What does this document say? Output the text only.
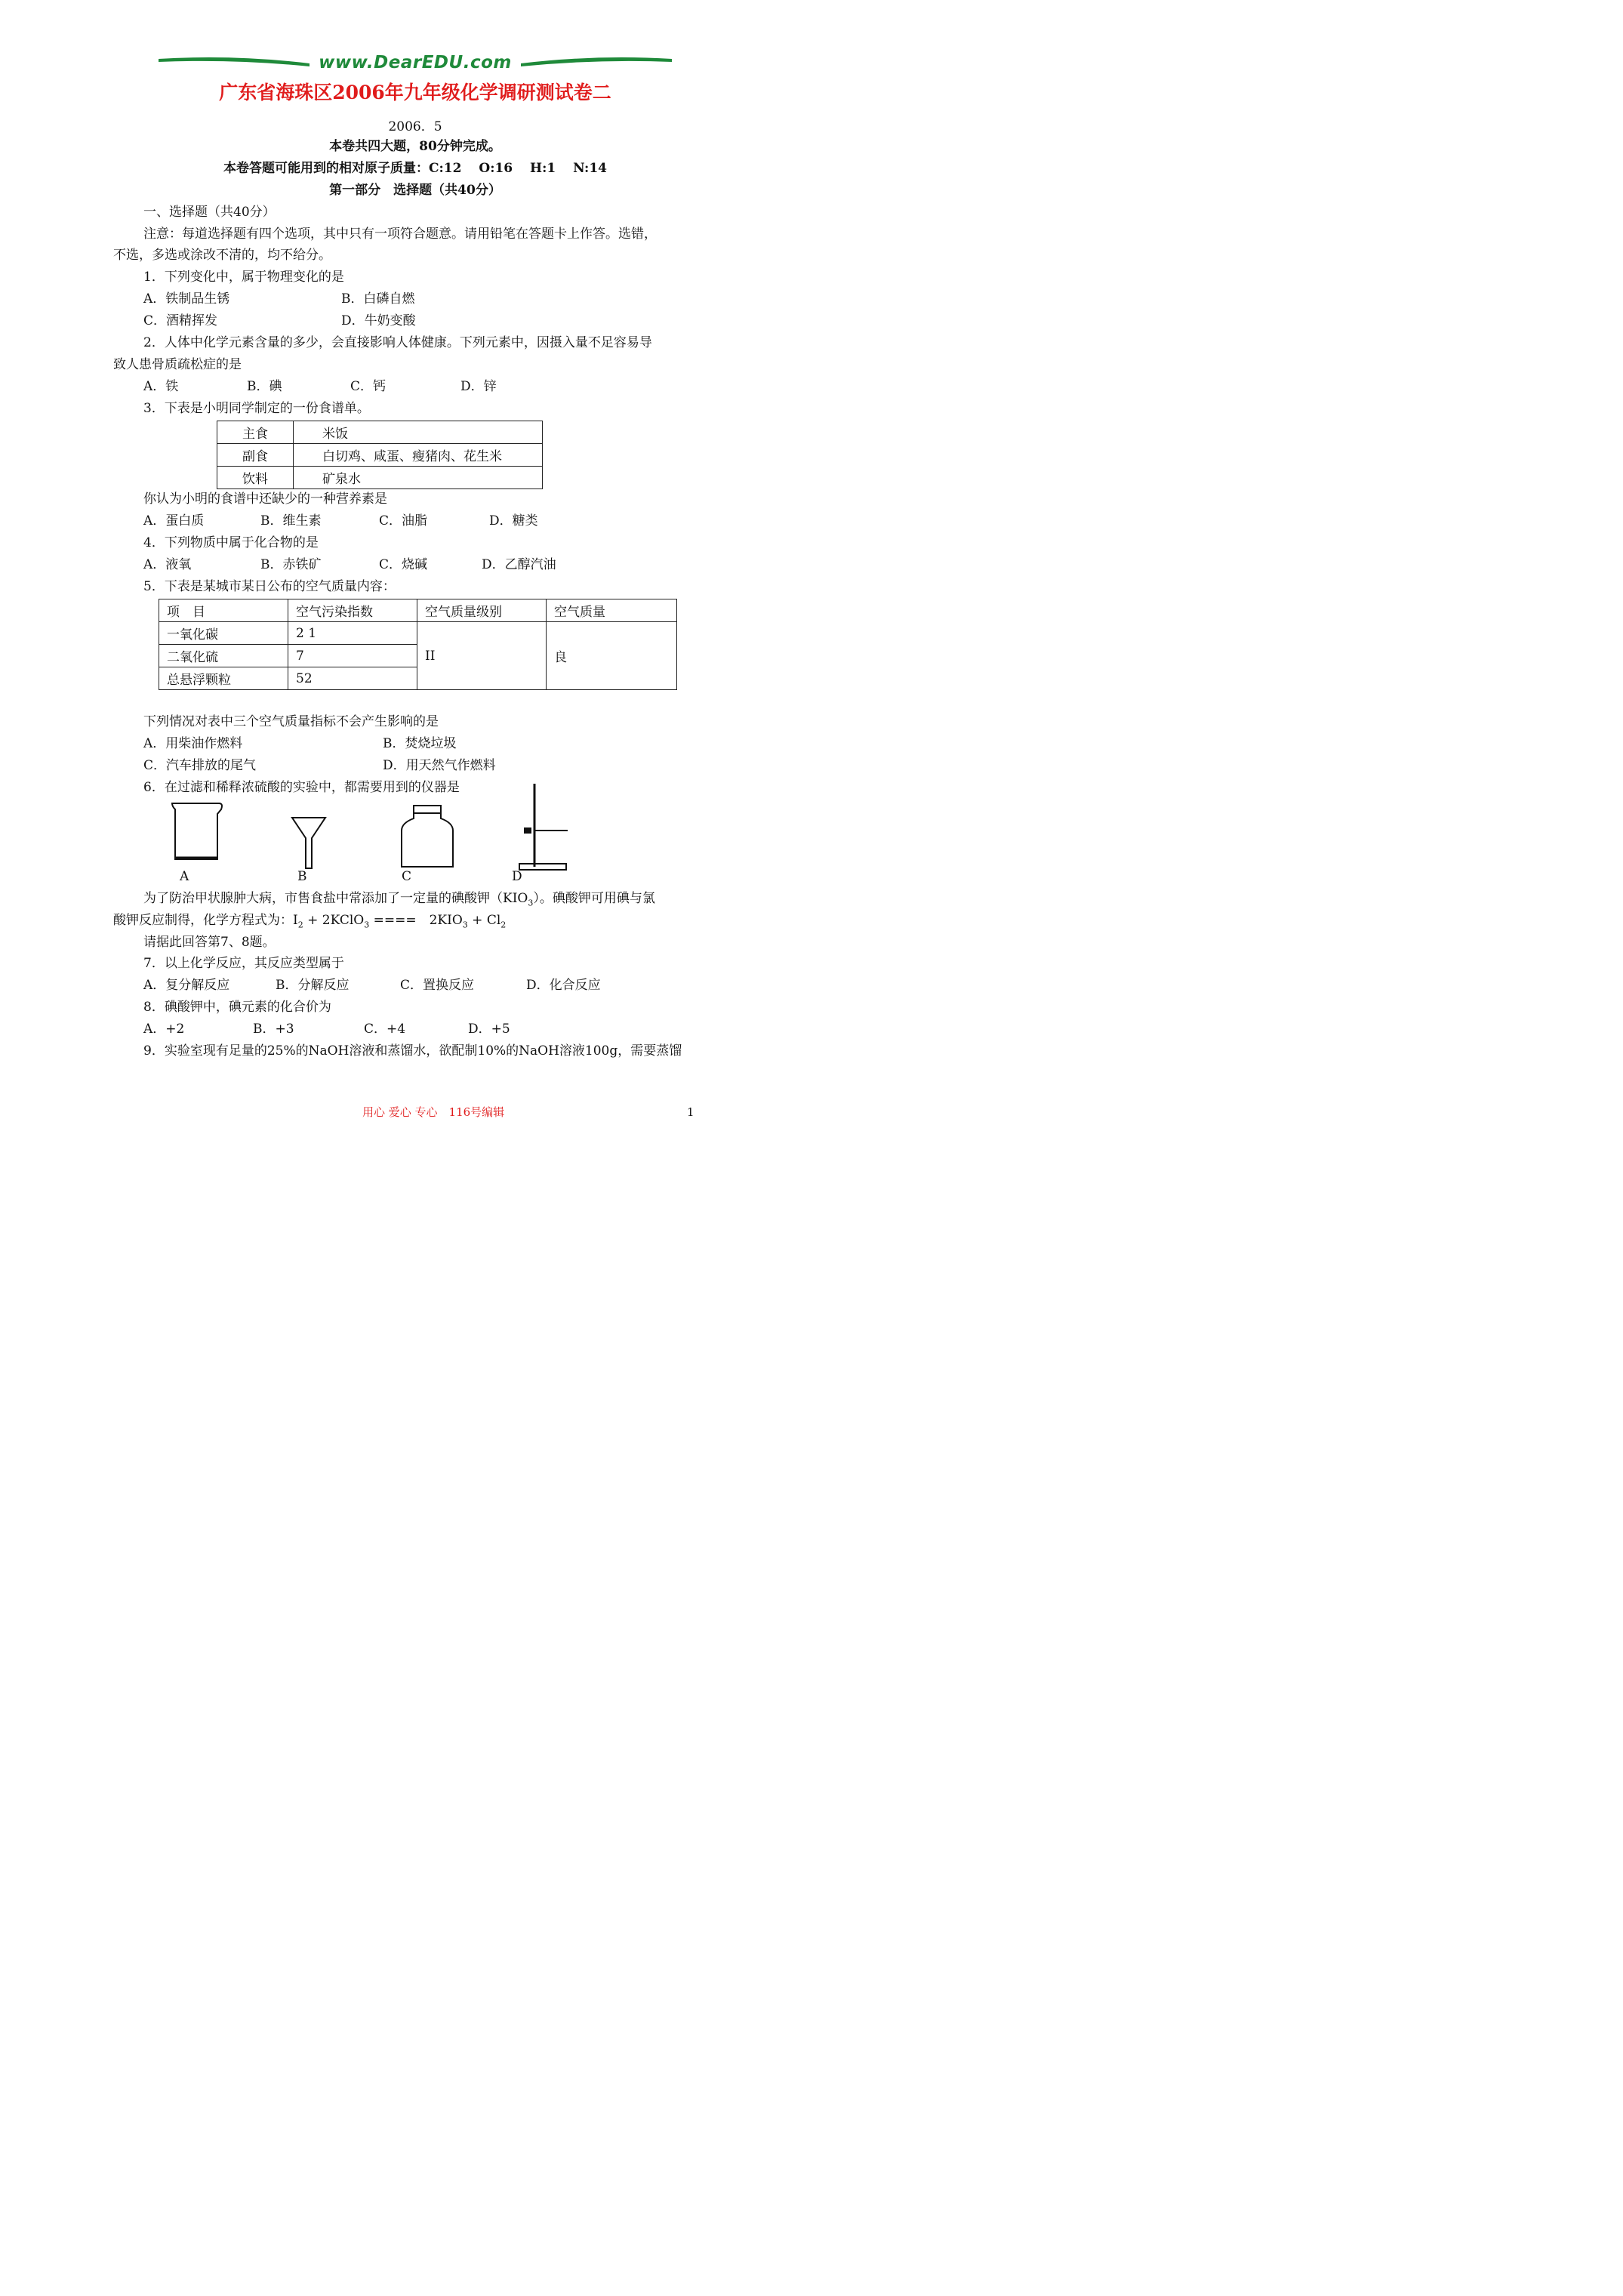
www.DearEDU.com
广东省海珠区2006年九年级化学调研测试卷二
2006．5
本卷共四大题，80分钟完成。
本卷答题可能用到的相对原子质量：C:12　 O:16　 H:1　 N:14
第一部分　选择题（共40分）
一、选择题（共40分）
注意：每道选择题有四个选项，其中只有一项符合题意。请用铅笔在答题卡上作答。选错，
不选，多选或涂改不清的，均不给分。
1．下列变化中，属于物理变化的是
A．铁制品生锈	B．白磷自燃
C．酒精挥发	D．牛奶变酸
2．人体中化学元素含量的多少，会直接影响人体健康。下列元素中，因摄入量不足容易导
致人患骨质疏松症的是
A．铁	B．碘	C．钙	D．锌
3．下表是小明同学制定的一份食谱单。
主食	米饭
副食	白切鸡、咸蛋、瘦猪肉、花生米
饮料	矿泉水
你认为小明的食谱中还缺少的一种营养素是
A．蛋白质	B．维生素	C．油脂	D．糖类
4．下列物质中属于化合物的是
A．液氧	B．赤铁矿	C．烧碱	D．乙醇汽油
5．下表是某城市某日公布的空气质量内容：
项　目	空气污染指数	空气质量级别	空气质量
一氧化碳	2 1	II	良
二氧化硫	7		
总悬浮颗粒	52		
下列情况对表中三个空气质量指标不会产生影响的是
A．用柴油作燃料	B．焚烧垃圾
C．汽车排放的尾气	D．用天然气作燃料
6．在过滤和稀释浓硫酸的实验中，都需要用到的仪器是
A	B	C	D
为了防治甲状腺肿大病，市售食盐中常添加了一定量的碘酸钾$(KIO_3)$。碘酸钾可用碘与氯
酸钾反应制得，化学方程式为：$I_2$ + 2KClO$_3$ ====　$2KIO_3 + Cl_2$
请据此回答第7、8题。
7．以上化学反应，其反应类型属于
A．复分解反应	B．分解反应	C．置换反应	D．化合反应
8．碘酸钾中，碘元素的化合价为
A．+2	B．+3	C．+4	D．+5
9．实验室现有足量的25%的NaOH溶液和蒸馏水，欲配制10%的NaOH溶液100g，需要蒸馏
用心 爱心 专心　116号编辑	1
